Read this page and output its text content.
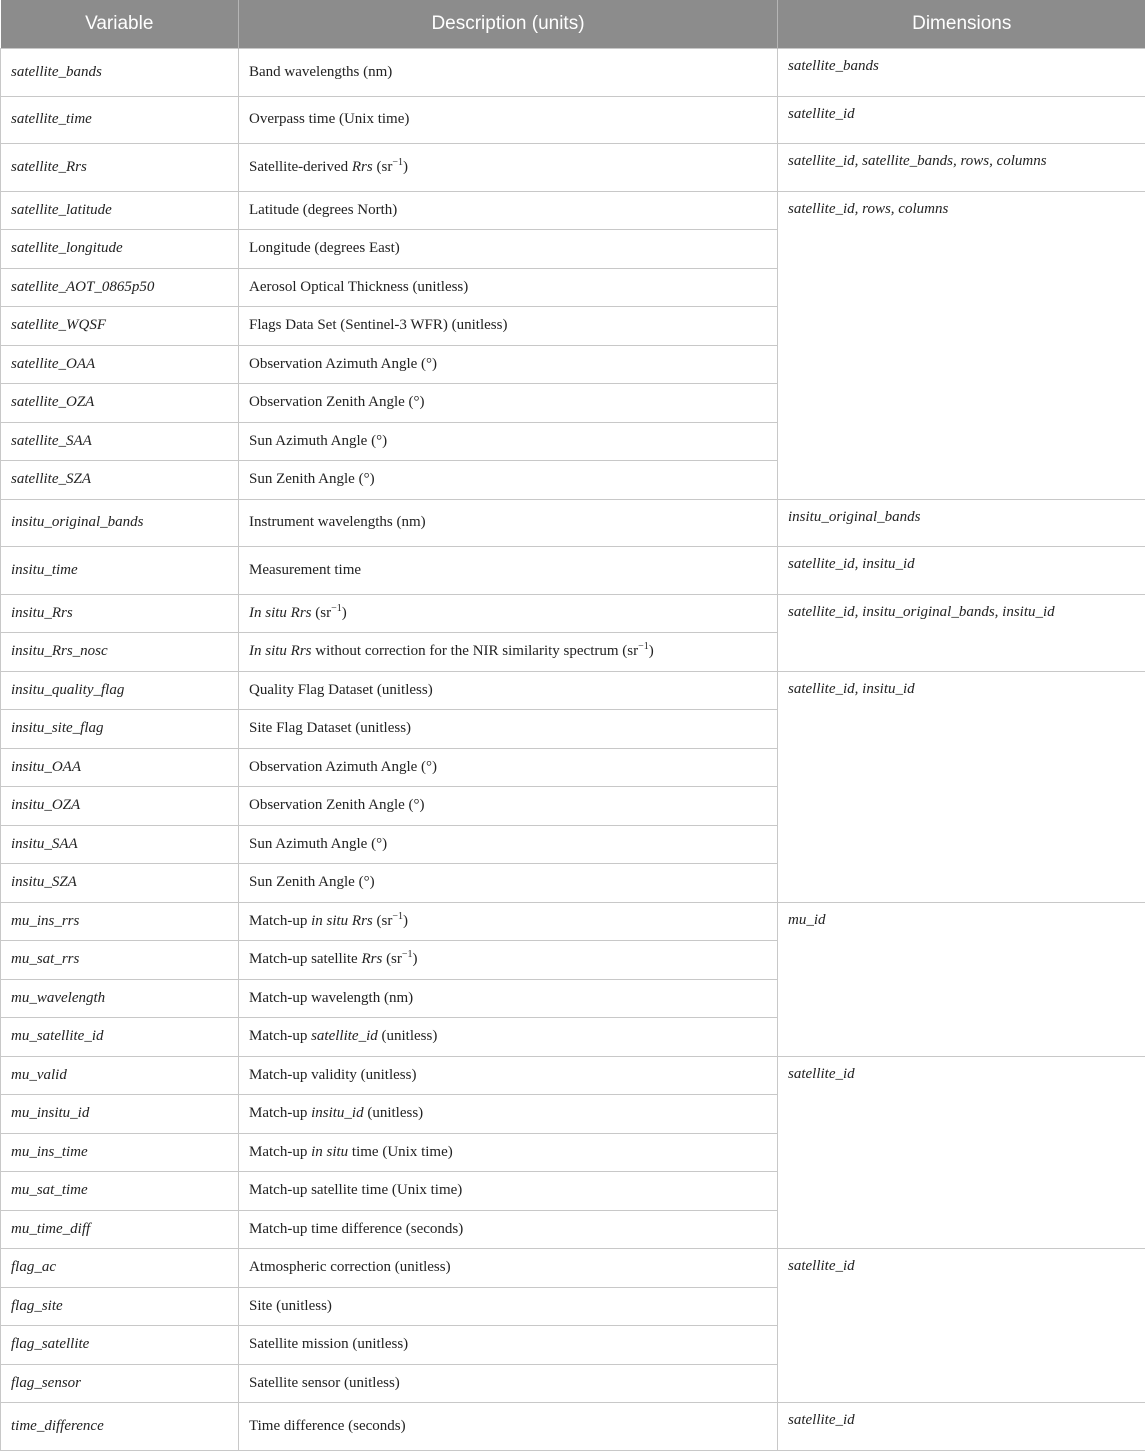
Variable	Description (units)	Dimensions
satellite_bands	Band wavelengths (nm)	satellite_bands
satellite_time	Overpass time (Unix time)	satellite_id
satellite_Rrs	Satellite-derived Rrs $(sr^{-1})$	satellite_id, satellite_bands, rows, columns
satellite_latitude	Latitude (degrees North)	satellite_id, rows, columns
satellite_longitude	Longitude (degrees East)	
satellite_AOT_0865p50	Aerosol Optical Thickness (unitless)	
satellite_WQSF	Flags Data Set (Sentinel-3 WFR) (unitless)	
satellite_OAA	Observation Azimuth Angle (°)	
satellite_OZA	Observation Zenith Angle (°)	
satellite_SAA	Sun Azimuth Angle (°)	
satellite_SZA	Sun Zenith Angle (°)	
insitu_original_bands	Instrument wavelengths (nm)	insitu_original_bands
insitu_time	Measurement time	satellite_id, insitu_id
insitu_Rrs	In situ Rrs $(sr^{-1})$	satellite_id, insitu_original_bands, insitu_id
insitu_Rrs_nosc	In situ Rrs without correction for the NIR similarity spectrum $(sr^{-1})$	
insitu_quality_flag	Quality Flag Dataset (unitless)	satellite_id, insitu_id
insitu_site_flag	Site Flag Dataset (unitless)	
insitu_OAA	Observation Azimuth Angle (°)	
insitu_OZA	Observation Zenith Angle (°)	
insitu_SAA	Sun Azimuth Angle (°)	
insitu_SZA	Sun Zenith Angle (°)	
mu_ins_rrs	Match-up in situ Rrs $(sr^{-1})$	mu_id
mu_sat_rrs	Match-up satellite Rrs $(sr^{-1})$	
mu_wavelength	Match-up wavelength (nm)	
mu_satellite_id	Match-up satellite_id (unitless)	
mu_valid	Match-up validity (unitless)	satellite_id
mu_insitu_id	Match-up insitu_id (unitless)	
mu_ins_time	Match-up in situ time (Unix time)	
mu_sat_time	Match-up satellite time (Unix time)	
mu_time_diff	Match-up time difference (seconds)	
flag_ac	Atmospheric correction (unitless)	satellite_id
flag_site	Site (unitless)	
flag_satellite	Satellite mission (unitless)	
flag_sensor	Satellite sensor (unitless)	
time_difference	Time difference (seconds)	satellite_id
